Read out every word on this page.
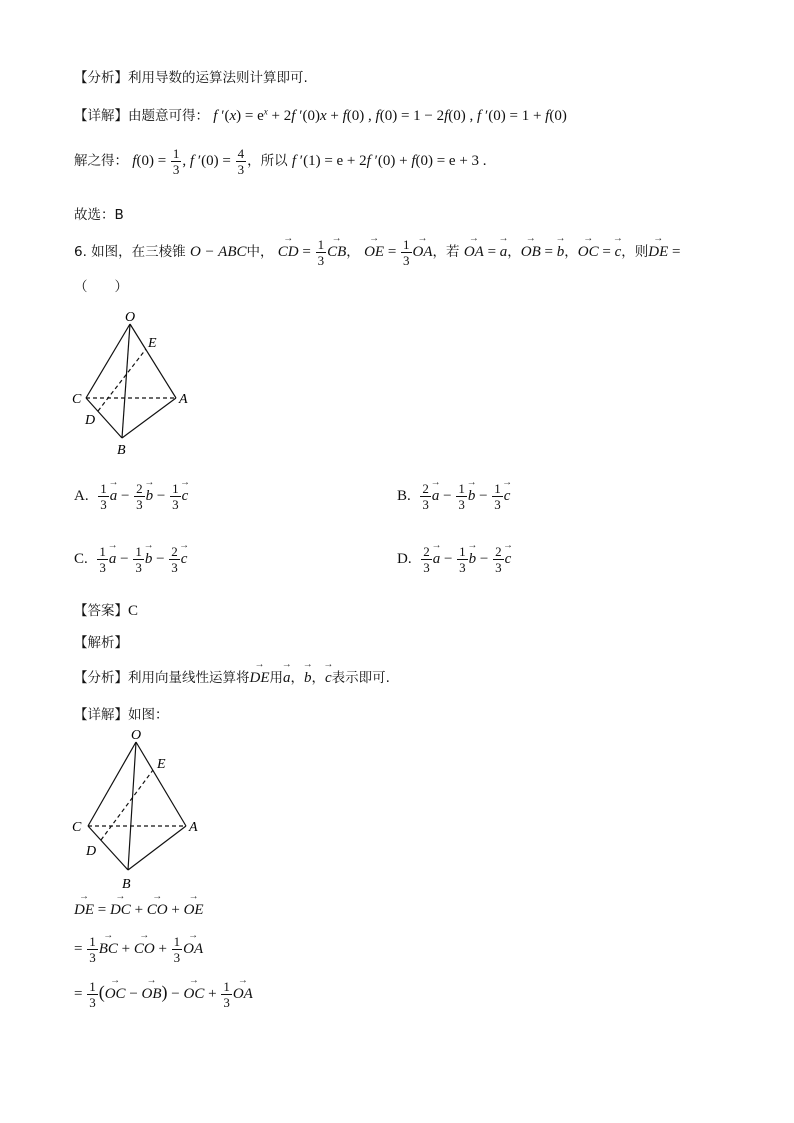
【分析】利用导数的运算法则计算即可.
【详解】由题意可得： f $'(x) = e^x + 2f$ ′(0)x + f(0) , f(0) = 1 − 2f(0) , f ′(0) = 1 + f(0)
解之得： $f(0) = \frac{1}{3}$ , f $'(0) = \frac{4}{3}$ ，所以 f ′(1) = e + 2f ′(0) + f(0) = e + 3 .
故选：B
6. 如图，在三棱锥 O − ABC中， → CD = $\frac{1}{3}$
→ CB， → OE = $\frac{1}{3}$
→ OA，若 → OA = → a，→ OB = → b，→ OC = → c，则→ DE =
（　　）
O
E
C	A
D
B
A. $\frac{1}{3}$
→ $a - \frac{2}{3}$
→ $b - \frac{1}{3}$
→ c	B. $\frac{2}{3}$
→ $a - \frac{1}{3}$
→ $b - \frac{1}{3}$
→ c
C. $\frac{1}{3}$
→ $a - \frac{1}{3}$
→ $b - \frac{2}{3}$
→ c	D. $\frac{2}{3}$
→ $a - \frac{1}{3}$
→ $b - \frac{2}{3}$
→ c
【答案】C
【解析】
【分析】利用向量线性运算将→ DE用→ a，→ b，→ c表示即可.
【详解】如图：
O
E
C	A
D
B
→ DE = → DC + → CO + → OE
= $\frac{1}{3}$
→ BC + → CO + $\frac{1}{3}$
→ OA
= $\frac{1}{3}$ (→ OC − → OB) − → OC + $\frac{1}{3}$
→ OA
